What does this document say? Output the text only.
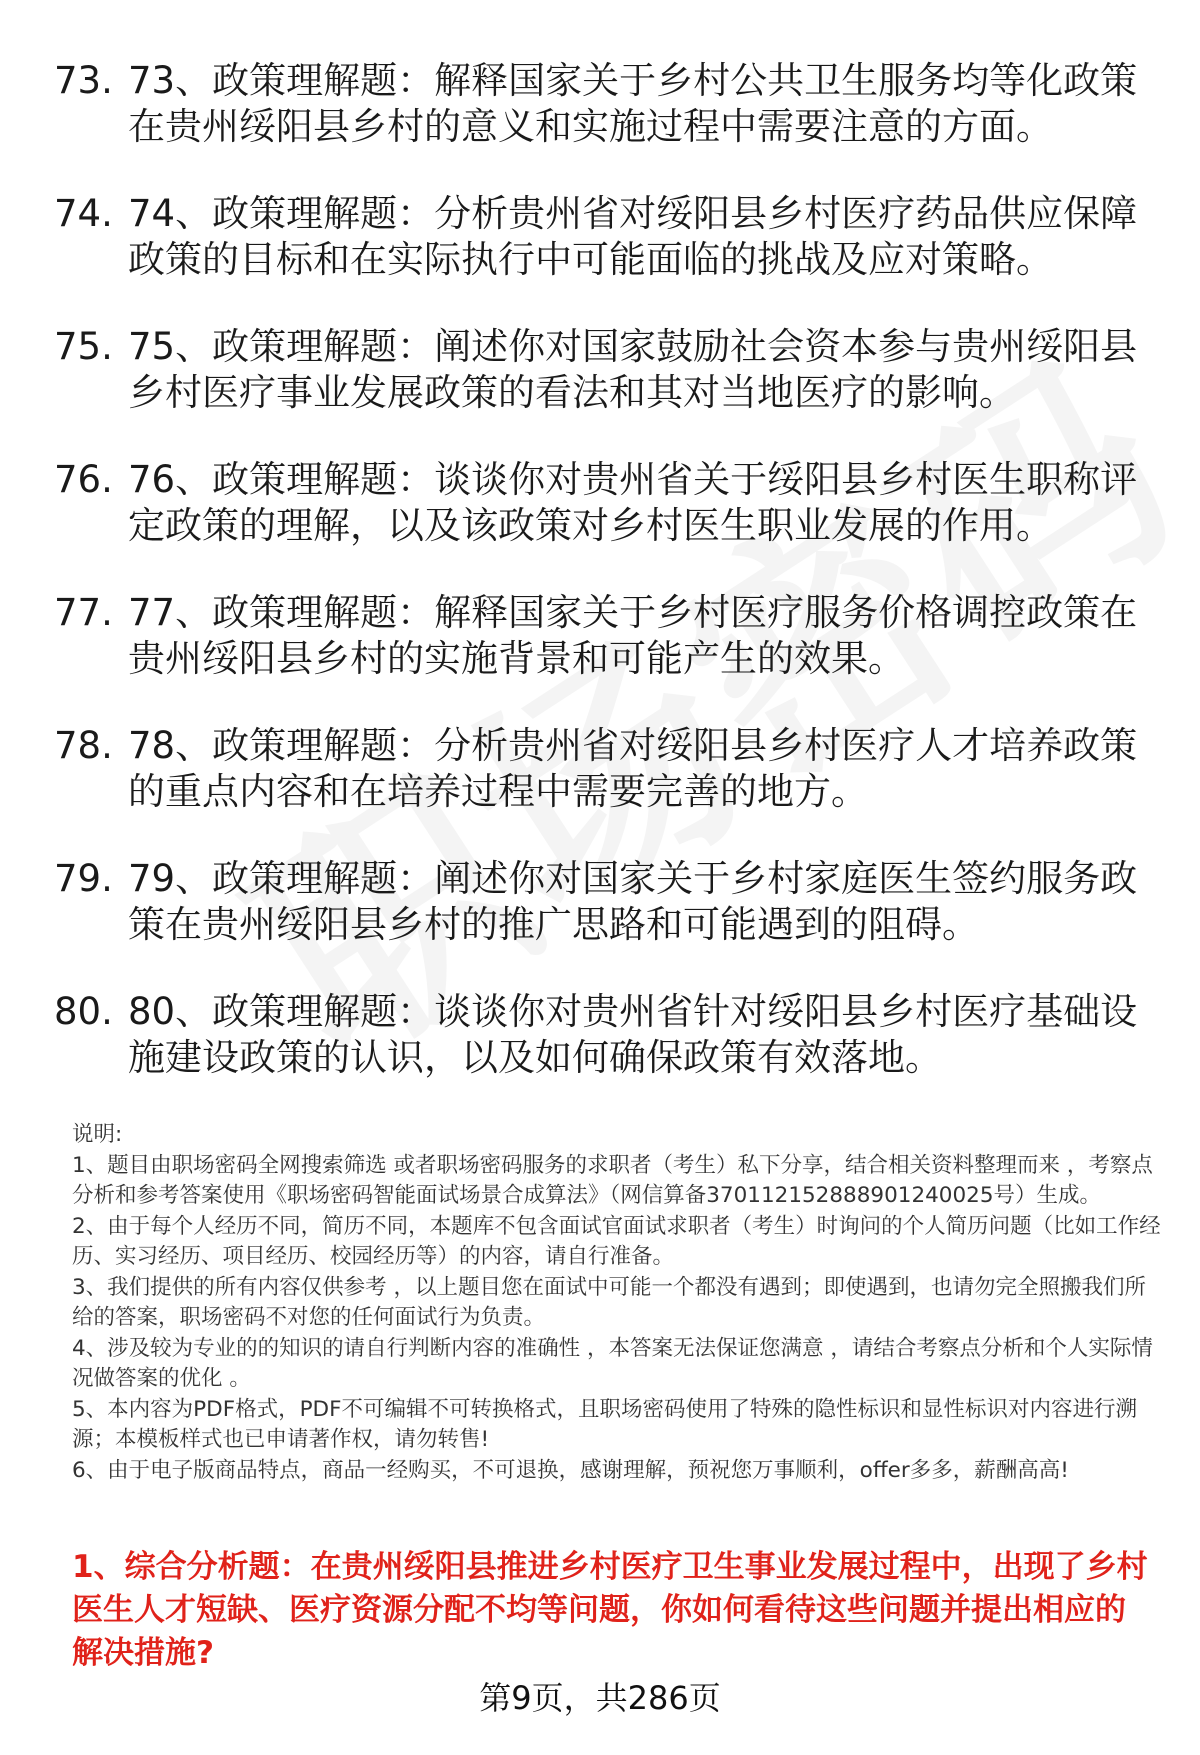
73. 73、政策理解题：解释国家关于乡村公共卫生服务均等化政策在贵州绥阳县乡村的意义和实施过程中需要注意的方面。
74. 74、政策理解题：分析贵州省对绥阳县乡村医疗药品供应保障政策的目标和在实际执行中可能面临的挑战及应对策略。
75. 75、政策理解题：阐述你对国家鼓励社会资本参与贵州绥阳县乡村医疗事业发展政策的看法和其对当地医疗的影响。
76. 76、政策理解题：谈谈你对贵州省关于绥阳县乡村医生职称评定政策的理解，以及该政策对乡村医生职业发展的作用。
77. 77、政策理解题：解释国家关于乡村医疗服务价格调控政策在贵州绥阳县乡村的实施背景和可能产生的效果。
78. 78、政策理解题：分析贵州省对绥阳县乡村医疗人才培养政策的重点内容和在培养过程中需要完善的地方。
79. 79、政策理解题：阐述你对国家关于乡村家庭医生签约服务政策在贵州绥阳县乡村的推广思路和可能遇到的阻碍。
80. 80、政策理解题：谈谈你对贵州省针对绥阳县乡村医疗基础设施建设政策的认识，以及如何确保政策有效落地。
说明:
1、题目由职场密码全网搜索筛选 或者职场密码服务的求职者（考生）私下分享，结合相关资料整理而来 ，考察点分析和参考答案使用《职场密码智能面试场景合成算法》（网信算备370112152888901240025号）生成。
2、由于每个人经历不同，简历不同，本题库不包含面试官面试求职者（考生）时询问的个人简历问题（比如工作经历、实习经历、项目经历、校园经历等）的内容，请自行准备。
3、我们提供的所有内容仅供参考 ，以上题目您在面试中可能一个都没有遇到；即使遇到，也请勿完全照搬我们所给的答案，职场密码不对您的任何面试行为负责。
4、涉及较为专业的的知识的请自行判断内容的准确性 ，本答案无法保证您满意 ，请结合考察点分析和个人实际情况做答案的优化 。
5、本内容为PDF格式，PDF不可编辑不可转换格式，且职场密码使用了特殊的隐性标识和显性标识对内容进行溯源；本模板样式也已申请著作权，请勿转售!
6、由于电子版商品特点，商品一经购买，不可退换，感谢理解，预祝您万事顺利，offer多多，薪酬高高!
1、综合分析题：在贵州绥阳县推进乡村医疗卫生事业发展过程中，出现了乡村医生人才短缺、医疗资源分配不均等问题，你如何看待这些问题并提出相应的解决措施?
第9页，共286页
